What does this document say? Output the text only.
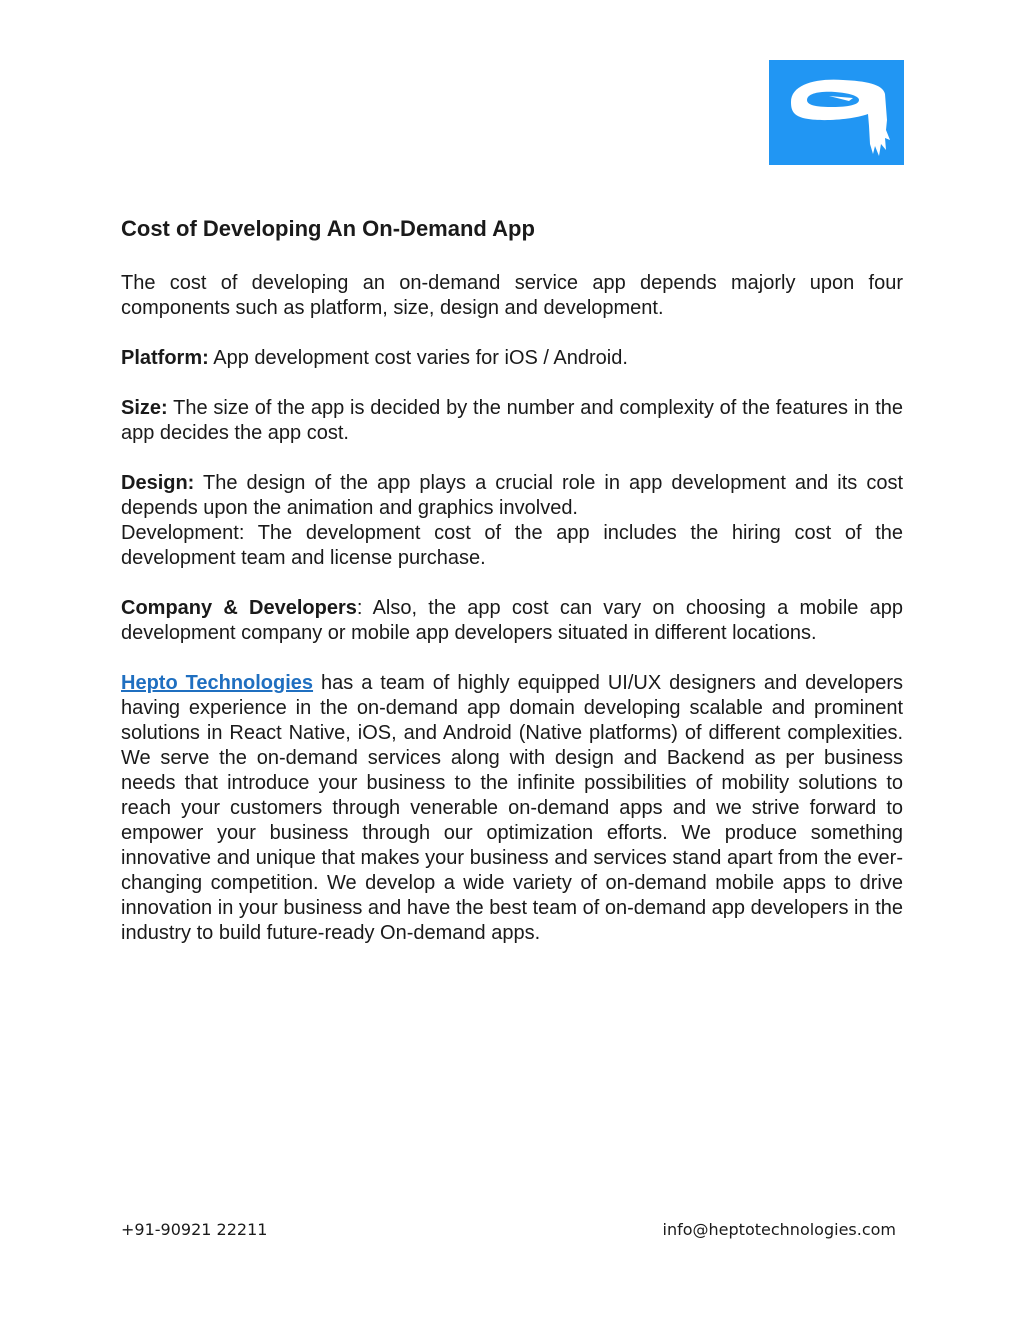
Cost of Developing An On-Demand App

The cost of developing an on-demand service app depends majorly upon four components such as platform, size, design and development.

Platform: App development cost varies for iOS / Android.

Size: The size of the app is decided by the number and complexity of the features in the app decides the app cost.

Design: The design of the app plays a crucial role in app development and its cost depends upon the animation and graphics involved.

Development: The development cost of the app includes the hiring cost of the development team and license purchase.

Company & Developers: Also, the app cost can vary on choosing a mobile app development company or mobile app developers situated in different locations.

Hepto Technologies has a team of highly equipped UI/UX designers and developers having experience in the on-demand app domain developing scalable and prominent solutions in React Native, iOS, and Android (Native platforms) of different complexities. We serve the on-demand services along with design and Backend as per business needs that introduce your business to the infinite possibilities of mobility solutions to reach your customers through venerable on-demand apps and we strive forward to empower your business through our optimization efforts. We produce something innovative and unique that makes your business and services stand apart from the ever-changing competition. We develop a wide variety of on-demand mobile apps to drive innovation in your business and have the best team of on-demand app developers in the industry to build future-ready On-demand apps.

+91-90921 22211	info@heptotechnologies.com
